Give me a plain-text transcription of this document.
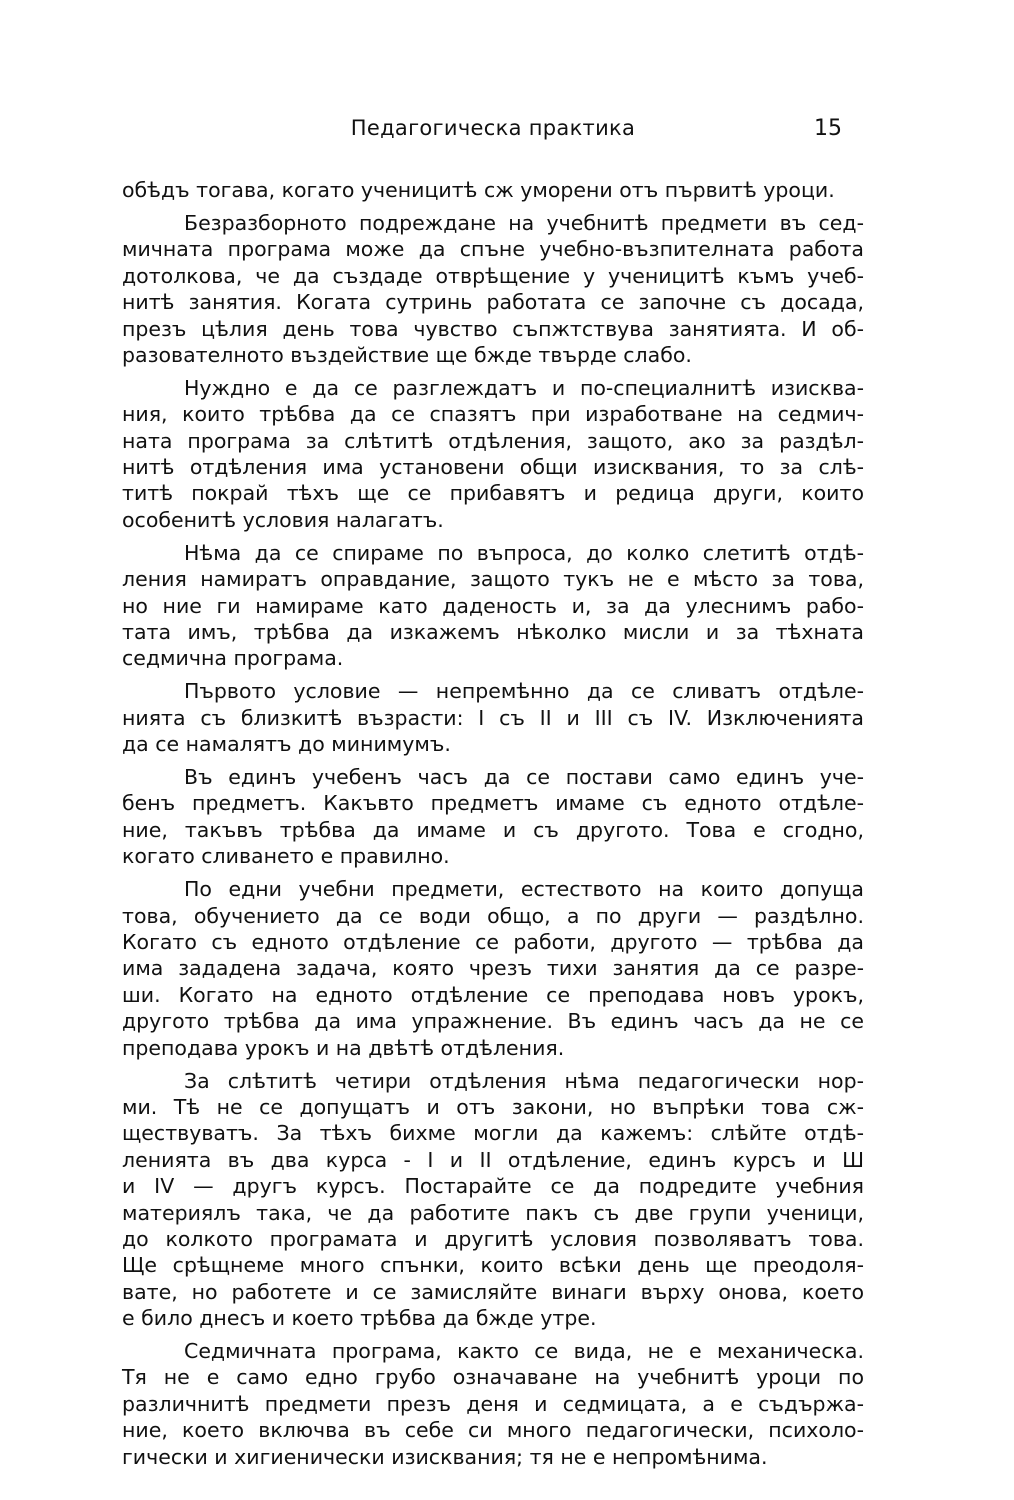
Педагогическа практика	15
обѣдъ тогава, когато ученицитѣ сж уморени отъ първитѣ уроци.
Безразборното подреждане на учебнитѣ предмети въ сед-
мичната програма може да спъне учебно-възпителната работа
дотолкова, че да създаде отврѣщение у ученицитѣ къмъ учеб-
нитѣ занятия. Когата сутринь работата се започне съ досада,
презъ цѣлия день това чувство съпжтствува занятията. И об-
разователното въздействие ще бжде твърде слабо.
Нуждно е да се разглеждатъ и по-специалнитѣ изисква-
ния, които трѣбва да се спазятъ при изработване на седмич-
ната програма за слѣтитѣ отдѣления, защото, ако за раздѣл-
нитѣ отдѣления има установени общи изисквания, то за слѣ-
титѣ покрай тѣхъ ще се прибавятъ и редица други, които
особенитѣ условия налагатъ.
Нѣма да се спираме по въпроса, до колко слетитѣ отдѣ-
ления намиратъ оправдание, защото тукъ не е мѣсто за това,
но ние ги намираме като даденость и, за да улеснимъ рабо-
тата имъ, трѣбва да изкажемъ нѣколко мисли и за тѣхната
седмична програма.
Първото условие — непремѣнно да се сливатъ отдѣле-
нията съ близкитѣ възрасти: I съ II и III съ IV. Изключенията
да се намалятъ до минимумъ.
Въ единъ учебенъ часъ да се постави само единъ уче-
бенъ предметъ. Какъвто предметъ имаме съ едното отдѣле-
ние, такъвъ трѣбва да имаме и съ другото. Това е сгодно,
когато сливането е правилно.
По едни учебни предмети, естеството на които допуща
това, обучението да се води общо, а по други — раздѣлно.
Когато съ едното отдѣление се работи, другото — трѣбва да
има зададена задача, която чрезъ тихи занятия да се разре-
ши. Когато на едното отдѣление се преподава новъ урокъ,
другото трѣбва да има упражнение. Въ единъ часъ да не се
преподава урокъ и на двѣтѣ отдѣления.
За слѣтитѣ четири отдѣления нѣма педагогически нор-
ми. Тѣ не се допущатъ и отъ закони, но въпрѣки това сж-
ществуватъ. За тѣхъ бихме могли да кажемъ: слѣйте отдѣ-
ленията въ два курса - I и II отдѣление, единъ курсъ и Ш
и IV — другъ курсъ. Постарайте се да подредите учебния
материялъ така, че да работите пакъ съ две групи ученици,
до колкото програмата и другитѣ условия позволяватъ това.
Ще срѣщнеме много спънки, които всѣки день ще преодоля-
вате, но работете и се замисляйте винаги върху онова, което
е било днесъ и което трѣбва да бжде утре.
Седмичната програма, както се вида, не е механическа.
Тя не е само едно грубо означаване на учебнитѣ уроци по
различнитѣ предмети презъ деня и седмицата, а е съдържа-
ние, което включва въ себе си много педагогически, психоло-
гически и хигиенически изисквания; тя не е непромѣнима.
